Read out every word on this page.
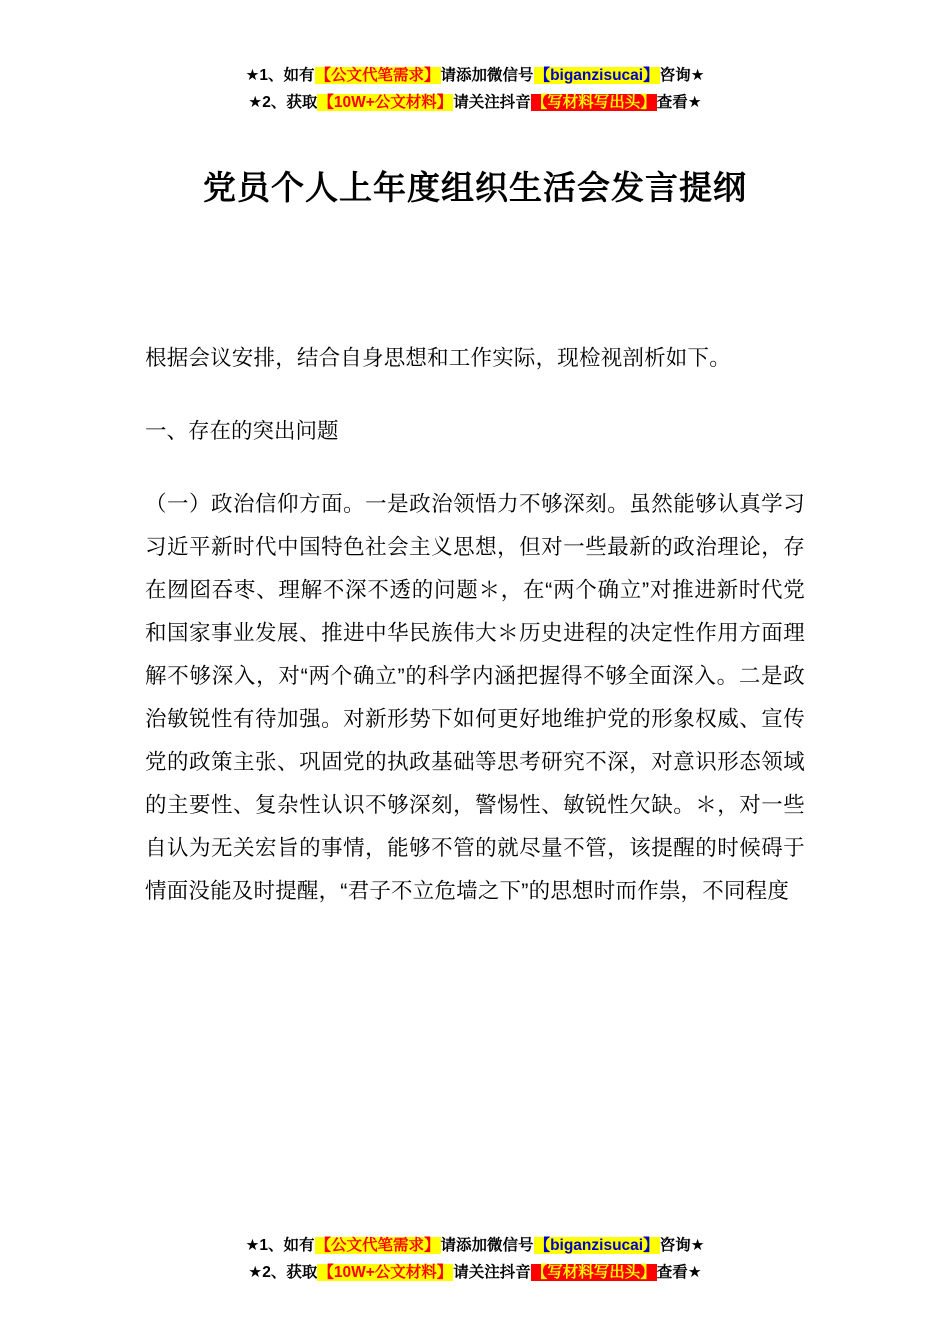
★1、如有【公文代笔需求】请添加微信号【biganzisucai】咨询★
★2、获取【10W+公文材料】请关注抖音【写材料写出头】查看★
党员个人上年度组织生活会发言提纲

根据会议安排，结合自身思想和工作实际，现检视剖析如下。

一、存在的突出问题

（一）政治信仰方面。一是政治领悟力不够深刻。虽然能够认真学习习近平新时代中国特色社会主义思想，但对一些最新的政治理论，存在囫囵吞枣、理解不深不透的问题＊，在“两个确立”对推进新时代党和国家事业发展、推进中华民族伟大＊历史进程的决定性作用方面理解不够深入，对“两个确立”的科学内涵把握得不够全面深入。二是政治敏锐性有待加强。对新形势下如何更好地维护党的形象权威、宣传党的政策主张、巩固党的执政基础等思考研究不深，对意识形态领域的主要性、复杂性认识不够深刻，警惕性、敏锐性欠缺。＊，对一些自认为无关宏旨的事情，能够不管的就尽量不管，该提醒的时候碍于情面没能及时提醒，“君子不立危墙之下”的思想时而作祟，不同程度

★1、如有【公文代笔需求】请添加微信号【biganzisucai】咨询★
★2、获取【10W+公文材料】请关注抖音【写材料写出头】查看★
